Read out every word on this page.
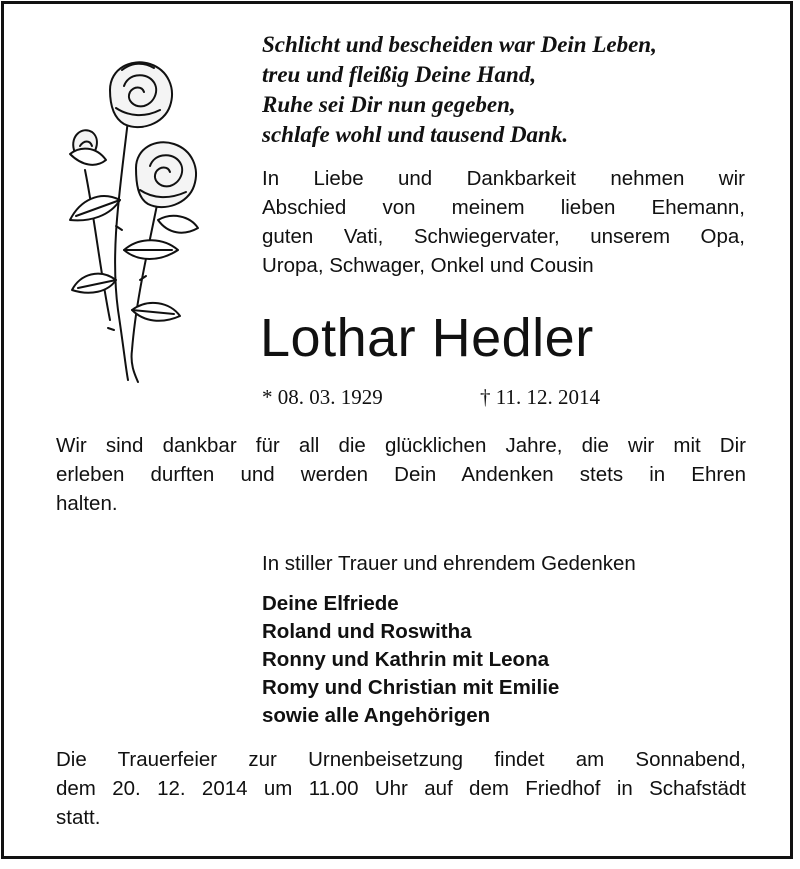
Schlicht und bescheiden war Dein Leben,
treu und fleißig Deine Hand,
Ruhe sei Dir nun gegeben,
schlafe wohl und tausend Dank.
In Liebe und Dankbarkeit nehmen wir
Abschied von meinem lieben Ehemann,
guten Vati, Schwiegervater, unserem Opa,
Uropa, Schwager, Onkel und Cousin
Lothar Hedler
* 08. 03. 1929	† 11. 12. 2014
Wir sind dankbar für all die glücklichen Jahre, die wir mit Dir
erleben durften und werden Dein Andenken stets in Ehren
halten.
In stiller Trauer und ehrendem Gedenken
Deine Elfriede
Roland und Roswitha
Ronny und Kathrin mit Leona
Romy und Christian mit Emilie
sowie alle Angehörigen
Die Trauerfeier zur Urnenbeisetzung findet am Sonnabend,
dem 20. 12. 2014 um 11.00 Uhr auf dem Friedhof in Schafstädt
statt.
